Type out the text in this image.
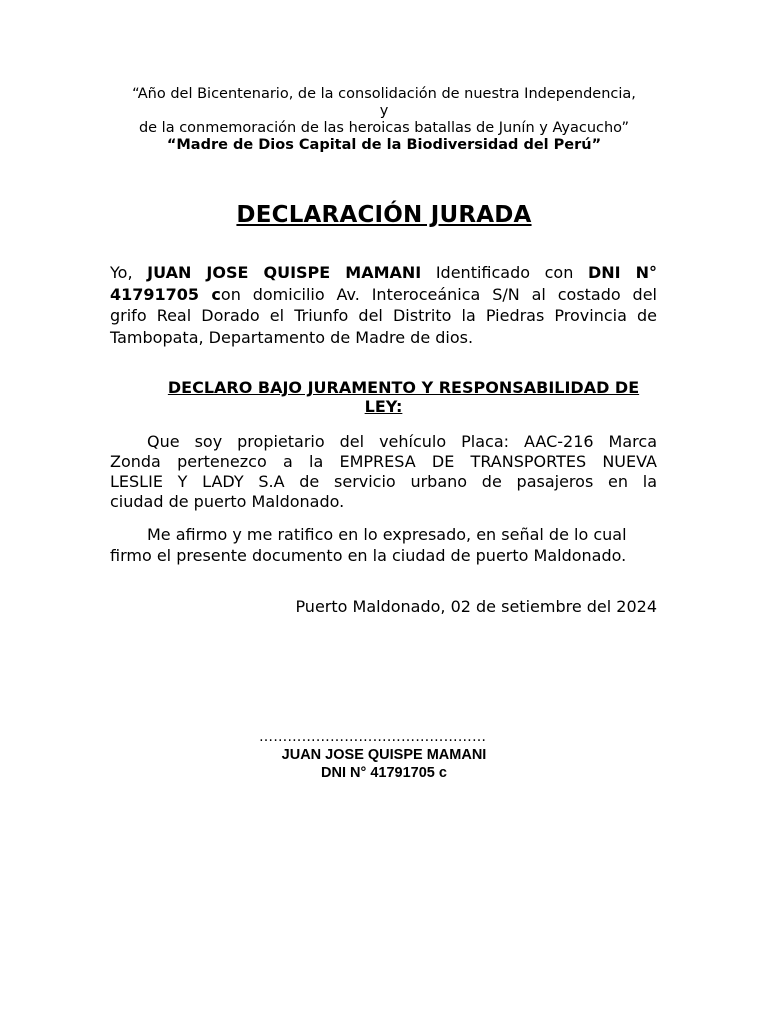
“Año del Bicentenario, de la consolidación de nuestra Independencia,
y
de la conmemoración de las heroicas batallas de Junín y Ayacucho”
“Madre de Dios Capital de la Biodiversidad del Perú”
DECLARACIÓN JURADA
Yo, JUAN JOSE QUISPE MAMANI Identificado con DNI N°
41791705 con domicilio Av. Interoceánica S/N al costado del
grifo Real Dorado el Triunfo del Distrito la Piedras Provincia de
Tambopata, Departamento de Madre de dios.
DECLARO BAJO JURAMENTO Y RESPONSABILIDAD DE
LEY:
Que soy propietario del vehículo Placa: AAC-216 Marca
Zonda pertenezco a la EMPRESA DE TRANSPORTES NUEVA
LESLIE Y LADY S.A de servicio urbano de pasajeros en la
ciudad de puerto Maldonado.
Me afirmo y me ratifico en lo expresado, en señal de lo cual
firmo el presente documento en la ciudad de puerto Maldonado.
Puerto Maldonado, 02 de setiembre del 2024
…………………………………………
JUAN JOSE QUISPE MAMANI
DNI N° 41791705 c
